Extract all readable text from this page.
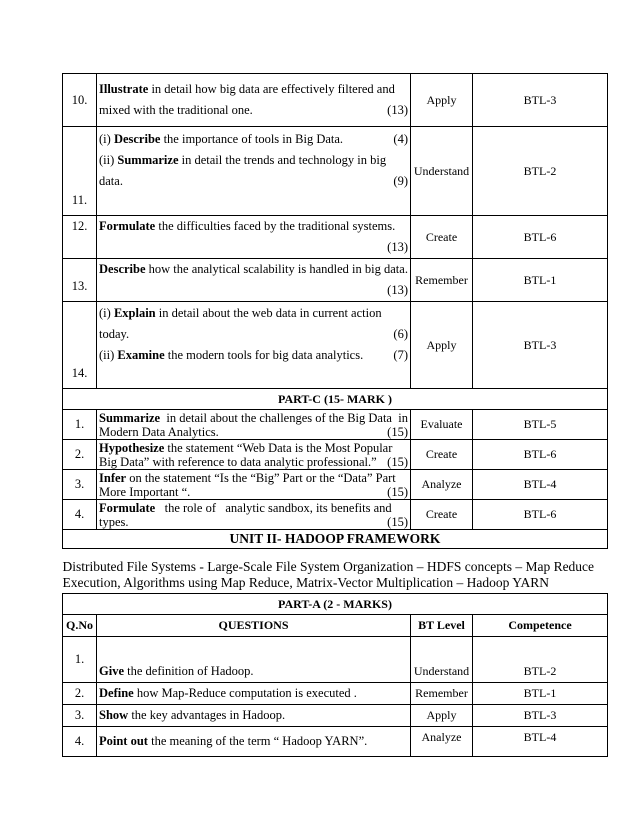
10.	Illustrate in detail how big data are effectively filtered and
mixed with the traditional one. (13)	Apply	BTL-3
11.	(i) Describe the importance of tools in Big Data. (4)

(ii) Summarize in detail the trends and technology in big
data. (9)	Understand	BTL-2
12.	Formulate the difficulties faced by the traditional systems.

(13)	Create	BTL-6
13.	Describe how the analytical scalability is handled in big data.

(13)	Remember	BTL-1
14.	(i) Explain in detail about the web data in current action
today. (6)

(ii) Examine the modern tools for big data analytics. (7)	Apply	BTL-3
PART-C (15- MARK )			
1.	Summarize  in detail about the challenges of the Big Data  in
Modern Data Analytics. (15)	Evaluate	BTL-5
2.	Hypothesize the statement “Web Data is the Most Popular
Big Data” with reference to data analytic professional.” (15)	Create	BTL-6
3.	Infer on the statement “Is the “Big” Part or the “Data” Part
More Important “. (15)	Analyze	BTL-4
4.	Formulate   the role of   analytic sandbox, its benefits and
types. (15)	Create	BTL-6
UNIT II- HADOOP FRAMEWORK			
Distributed File Systems - Large-Scale File System Organization – HDFS concepts – Map Reduce Execution, Algorithms using Map Reduce, Matrix-Vector Multiplication – Hadoop YARN			
PART-A (2 - MARKS)			
Q.No	QUESTIONS	BT Level	Competence
1.	Give the definition of Hadoop.	Understand	BTL-2
2.	Define how Map-Reduce computation is executed .	Remember	BTL-1
3.	Show the key advantages in Hadoop.	Apply	BTL-3
4.	Point out the meaning of the term “ Hadoop YARN”.	Analyze	BTL-4
